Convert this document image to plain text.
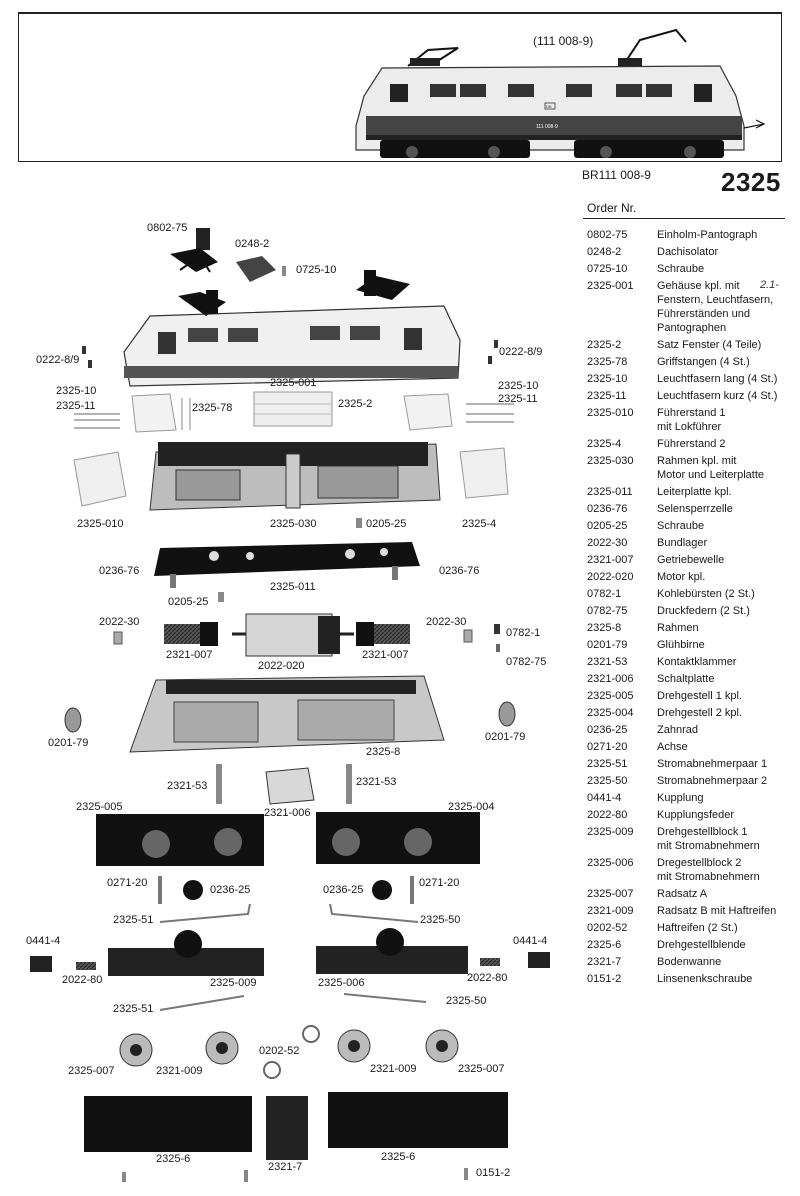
(111 008-9)
BR111 008-9	2325
111 008-9
DB
0802-75
0248-2
0725-10
0222-8/9
0222-8/9
2325-001
2325-10
2325-11
2325-10
2325-11
2325-78	2325-2
2325-010	2325-030	0205-25	2325-4
0236-76	0236-76
2325-011
0205-25
2022-30	2022-30
2321-007	2321-007
2022-020
0782-1
0782-75
0201-79	0201-79
2325-8
2321-53	2321-53
2321-006
2325-005	2325-004
0271-20
0236-25	0236-25
0271-20
2325-51	2325-50
0441-4	0441-4
2022-80	2022-80
2325-009	2325-006
2325-51
2325-50
0202-52
2325-007	2321-009	2321-009	2325-007
2325-6
2321-7
2325-6
0151-2
Order Nr.
2.1-
0802-75	Einholm-Pantograph
0248-2	Dachisolator
0725-10	Schraube
2325-001	Gehäuse kpl. mit
Fenstern, Leuchtfasern,
Führerständen und
Pantographen
2325-2	Satz Fenster (4 Teile)
2325-78	Griffstangen (4 St.)
2325-10	Leuchtfasern lang (4 St.)
2325-11	Leuchtfasern kurz (4 St.)
2325-010	Führerstand 1
mit Lokführer
2325-4	Führerstand 2
2325-030	Rahmen kpl. mit
Motor und Leiterplatte
2325-011	Leiterplatte kpl.
0236-76	Selensperrzelle
0205-25	Schraube
2022-30	Bundlager
2321-007	Getriebewelle
2022-020	Motor kpl.
0782-1	Kohlebürsten (2 St.)
0782-75	Druckfedern (2 St.)
2325-8	Rahmen
0201-79	Glühbirne
2321-53	Kontaktklammer
2321-006	Schaltplatte
2325-005	Drehgestell 1 kpl.
2325-004	Drehgestell 2 kpl.
0236-25	Zahnrad
0271-20	Achse
2325-51	Stromabnehmerpaar 1
2325-50	Stromabnehmerpaar 2
0441-4	Kupplung
2022-80	Kupplungsfeder
2325-009	Drehgestellblock 1
mit Stromabnehmern
2325-006	Dregestellblock 2
mit Stromabnehmern
2325-007	Radsatz A
2321-009	Radsatz B mit Haftreifen
0202-52	Haftreifen (2 St.)
2325-6	Drehgestellblende
2321-7	Bodenwanne
0151-2	Linsenenkschraube
